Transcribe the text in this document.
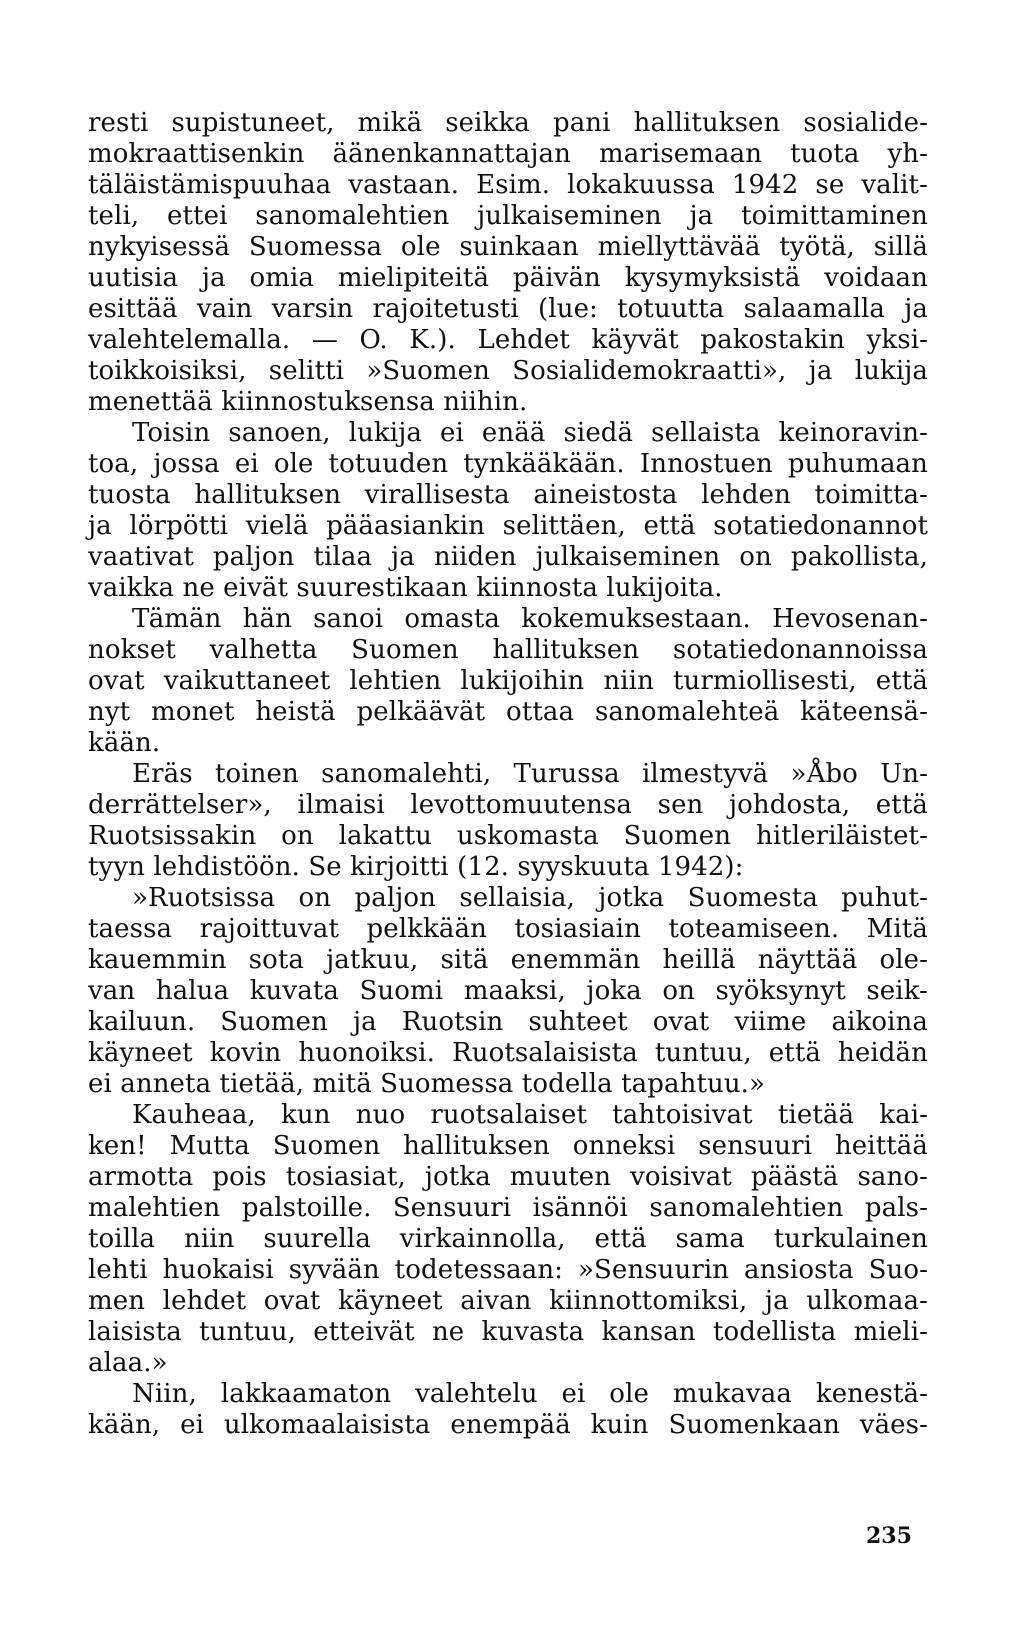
resti supistuneet, mikä seikka pani hallituksen sosialide-
mokraattisenkin äänenkannattajan marisemaan tuota yh-
täläistämispuuhaa vastaan. Esim. lokakuussa 1942 se valit-
teli, ettei sanomalehtien julkaiseminen ja toimittaminen
nykyisessä Suomessa ole suinkaan miellyttävää työtä, sillä
uutisia ja omia mielipiteitä päivän kysymyksistä voidaan
esittää vain varsin rajoitetusti (lue: totuutta salaamalla ja
valehtelemalla. — O. K.). Lehdet käyvät pakostakin yksi-
toikkoisiksi, selitti »Suomen Sosialidemokraatti», ja lukija
menettää kiinnostuksensa niihin.
Toisin sanoen, lukija ei enää siedä sellaista keinoravin-
toa, jossa ei ole totuuden tynkääkään. Innostuen puhumaan
tuosta hallituksen virallisesta aineistosta lehden toimitta-
ja lörpötti vielä pääasiankin selittäen, että sotatiedonannot
vaativat paljon tilaa ja niiden julkaiseminen on pakollista,
vaikka ne eivät suurestikaan kiinnosta lukijoita.
Tämän hän sanoi omasta kokemuksestaan. Hevosenan-
nokset valhetta Suomen hallituksen sotatiedonannoissa
ovat vaikuttaneet lehtien lukijoihin niin turmiollisesti, että
nyt monet heistä pelkäävät ottaa sanomalehteä käteensä-
kään.
Eräs toinen sanomalehti, Turussa ilmestyvä »Åbo Un-
derrättelser», ilmaisi levottomuutensa sen johdosta, että
Ruotsissakin on lakattu uskomasta Suomen hitleriläistet-
tyyn lehdistöön. Se kirjoitti (12. syyskuuta 1942):
»Ruotsissa on paljon sellaisia, jotka Suomesta puhut-
taessa rajoittuvat pelkkään tosiasiain toteamiseen. Mitä
kauemmin sota jatkuu, sitä enemmän heillä näyttää ole-
van halua kuvata Suomi maaksi, joka on syöksynyt seik-
kailuun. Suomen ja Ruotsin suhteet ovat viime aikoina
käyneet kovin huonoiksi. Ruotsalaisista tuntuu, että heidän
ei anneta tietää, mitä Suomessa todella tapahtuu.»
Kauheaa, kun nuo ruotsalaiset tahtoisivat tietää kai-
ken! Mutta Suomen hallituksen onneksi sensuuri heittää
armotta pois tosiasiat, jotka muuten voisivat päästä sano-
malehtien palstoille. Sensuuri isännöi sanomalehtien pals-
toilla niin suurella virkainnolla, että sama turkulainen
lehti huokaisi syvään todetessaan: »Sensuurin ansiosta Suo-
men lehdet ovat käyneet aivan kiinnottomiksi, ja ulkomaa-
laisista tuntuu, etteivät ne kuvasta kansan todellista mieli-
alaa.»
Niin, lakkaamaton valehtelu ei ole mukavaa kenestä-
kään, ei ulkomaalaisista enempää kuin Suomenkaan väes-
235
